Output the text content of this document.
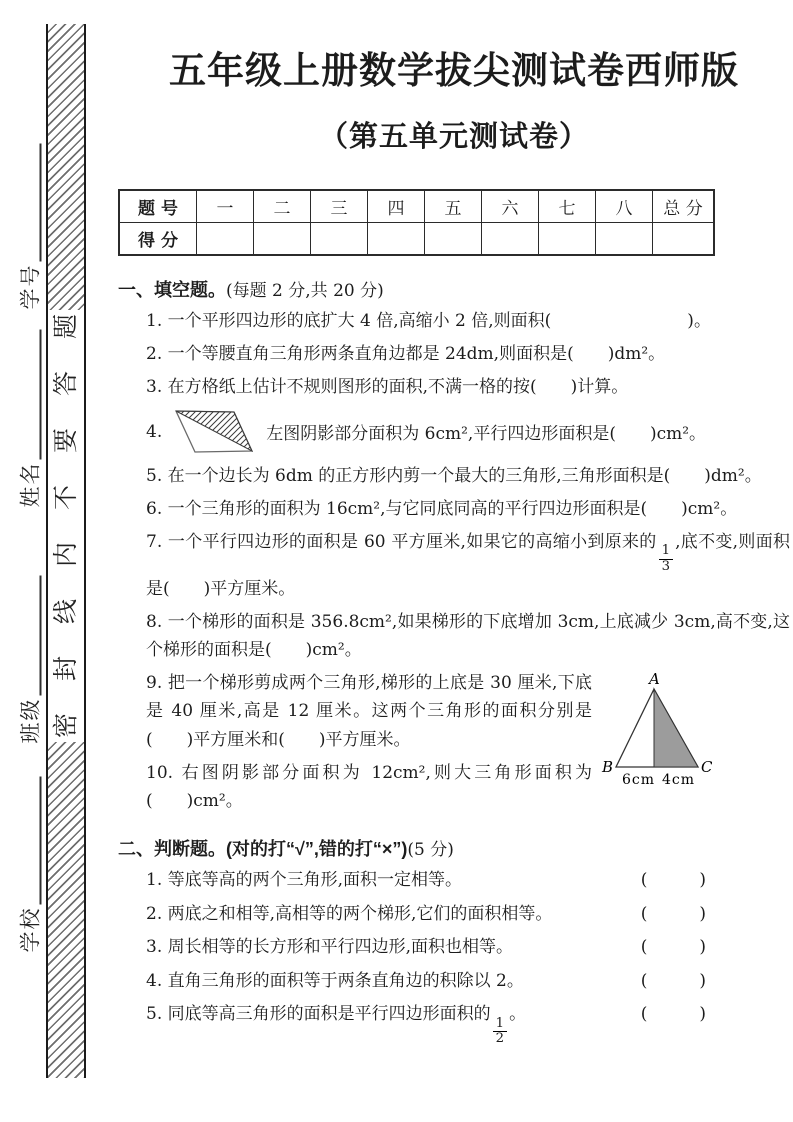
学号
姓名
班级
学校
题
答
要
不
内
线
封
密
五年级上册数学拔尖测试卷西师版
（第五单元测试卷）
题 号	一	二	三	四	五	六	七	八	总 分
得 分									

一、填空题。(每题 2 分,共 20 分)

1. 一个平形四边形的底扩大 4 倍,高缩小 2 倍,则面积(　　　　　　　　)。

2. 一个等腰直角三角形两条直角边都是 24dm,则面积是(　　)dm²。

3. 在方格纸上估计不规则图形的面积,不满一格的按(　　)计算。

4.	左图阴影部分面积为 6cm²,平行四边形面积是(　　)cm²。

5. 在一个边长为 6dm 的正方形内剪一个最大的三角形,三角形面积是(　　)dm²。

6. 一个三角形的面积为 16cm²,与它同底同高的平行四边形面积是(　　)cm²。

7. 一个平行四边形的面积是 60 平方厘米,如果它的高缩小到原来的
$\frac{1}{3}$
,底不变,则面积是(　　)平方厘米。

8. 一个梯形的面积是 356.8cm²,如果梯形的下底增加 3cm,上底减少 3cm,高不变,这个梯形的面积是(　　)cm²。

A
B	C
6cm 4cm

9. 把一个梯形剪成两个三角形,梯形的上底是 30 厘米,下底是 40 厘米,高是 12 厘米。这两个三角形的面积分别是(　　)平方厘米和(　　)平方厘米。

10. 右图阴影部分面积为 12cm²,则大三角形面积为(　　)cm²。

二、判断题。(对的打“√”,错的打“×”)(5 分)

1. 等底等高的两个三角形,面积一定相等。	(　　)
2. 两底之和相等,高相等的两个梯形,它们的面积相等。	(　　)
3. 周长相等的长方形和平行四边形,面积也相等。	(　　)
4. 直角三角形的面积等于两条直角边的积除以 2。	(　　)
5. 同底等高三角形的面积是平行四边形面积的
$\frac{1}{2}$
。	(　　)
